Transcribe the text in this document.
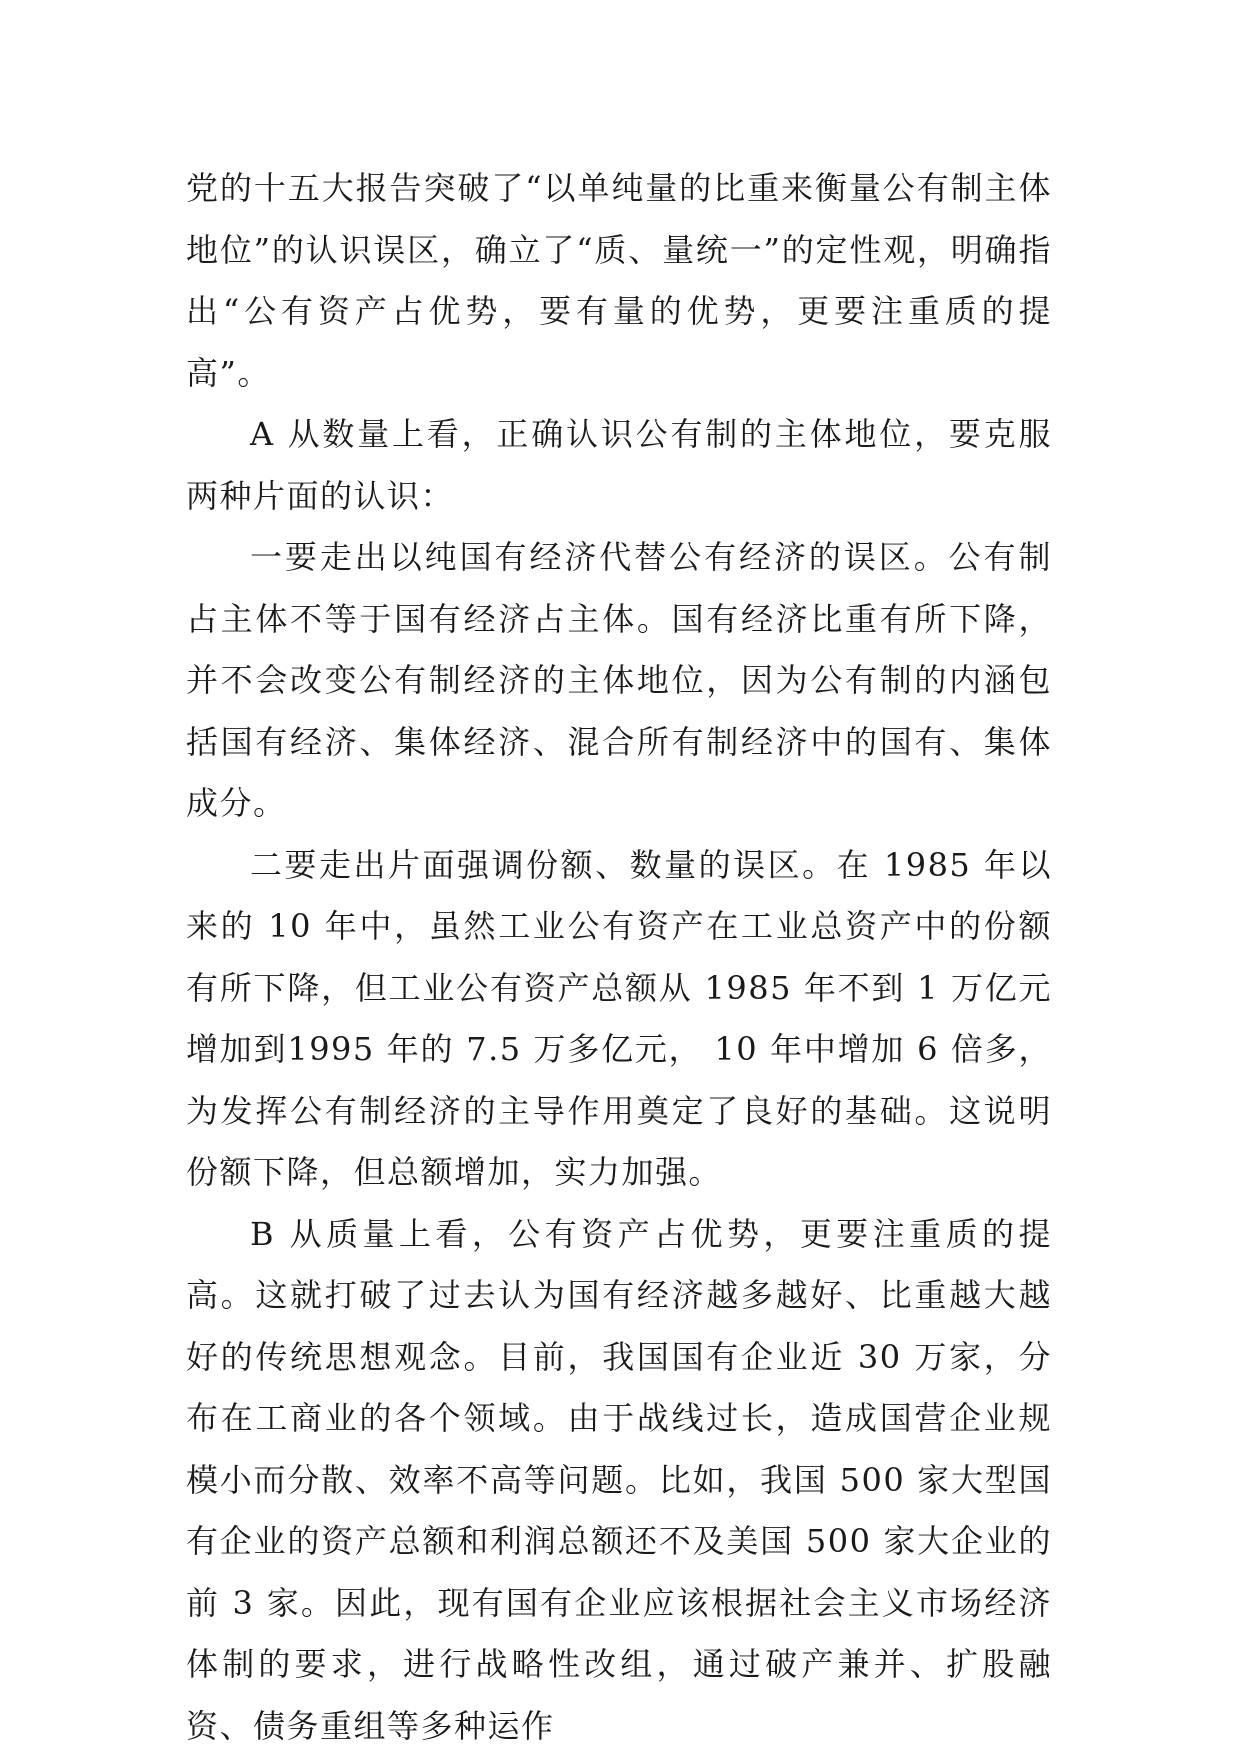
党的十五大报告突破了“以单纯量的比重来衡量公有制主体地位”的认识误区，确立了“质、量统一”的定性观，明确指出“公有资产占优势，要有量的优势，更要注重质的提高”。

A 从数量上看，正确认识公有制的主体地位，要克服两种片面的认识：

一要走出以纯国有经济代替公有经济的误区。公有制占主体不等于国有经济占主体。国有经济比重有所下降，并不会改变公有制经济的主体地位，因为公有制的内涵包括国有经济、集体经济、混合所有制经济中的国有、集体成分。

二要走出片面强调份额、数量的误区。在 1985 年以来的 10 年中，虽然工业公有资产在工业总资产中的份额有所下降，但工业公有资产总额从 1985 年不到 1 万亿元增加到1995 年的 7.5 万多亿元， 10 年中增加 6 倍多，为发挥公有制经济的主导作用奠定了良好的基础。这说明份额下降，但总额增加，实力加强。

B 从质量上看，公有资产占优势，更要注重质的提高。这就打破了过去认为国有经济越多越好、比重越大越好的传统思想观念。目前，我国国有企业近 30 万家，分布在工商业的各个领域。由于战线过长，造成国营企业规模小而分散、效率不高等问题。比如，我国 500 家大型国有企业的资产总额和利润总额还不及美国 500 家大企业的前 3 家。因此，现有国有企业应该根据社会主义市场经济体制的要求，进行战略性改组，通过破产兼并、扩股融资、债务重组等多种运作
